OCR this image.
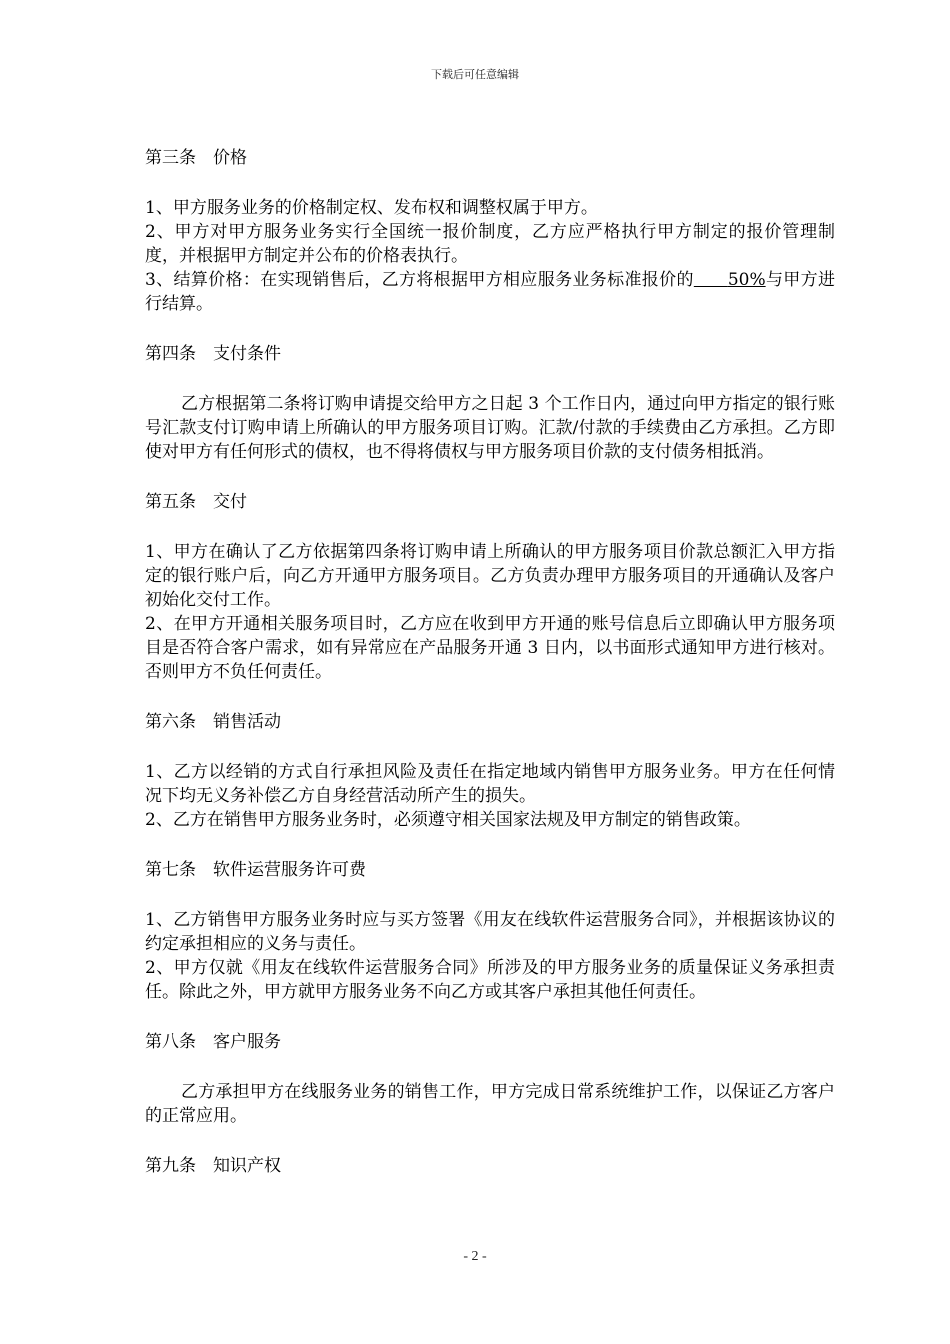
下载后可任意编辑

第三条 价格

1、甲方服务业务的价格制定权、发布权和调整权属于甲方。

2、甲方对甲方服务业务实行全国统一报价制度，乙方应严格执行甲方制定的报价管理制度，并根据甲方制定并公布的价格表执行。

3、结算价格：在实现销售后，乙方将根据甲方相应服务业务标准报价的   50%与甲方进行结算。

第四条 支付条件

乙方根据第二条将订购申请提交给甲方之日起 3 个工作日内，通过向甲方指定的银行账号汇款支付订购申请上所确认的甲方服务项目订购。汇款/付款的手续费由乙方承担。乙方即使对甲方有任何形式的债权，也不得将债权与甲方服务项目价款的支付债务相抵消。

第五条 交付

1、甲方在确认了乙方依据第四条将订购申请上所确认的甲方服务项目价款总额汇入甲方指定的银行账户后，向乙方开通甲方服务项目。乙方负责办理甲方服务项目的开通确认及客户初始化交付工作。

2、在甲方开通相关服务项目时，乙方应在收到甲方开通的账号信息后立即确认甲方服务项目是否符合客户需求，如有异常应在产品服务开通 3 日内，以书面形式通知甲方进行核对。否则甲方不负任何责任。

第六条 销售活动

1、乙方以经销的方式自行承担风险及责任在指定地域内销售甲方服务业务。甲方在任何情况下均无义务补偿乙方自身经营活动所产生的损失。

2、乙方在销售甲方服务业务时，必须遵守相关国家法规及甲方制定的销售政策。

第七条 软件运营服务许可费

1、乙方销售甲方服务业务时应与买方签署《用友在线软件运营服务合同》，并根据该协议的约定承担相应的义务与责任。

2、甲方仅就《用友在线软件运营服务合同》所涉及的甲方服务业务的质量保证义务承担责任。除此之外，甲方就甲方服务业务不向乙方或其客户承担其他任何责任。

第八条 客户服务

乙方承担甲方在线服务业务的销售工作，甲方完成日常系统维护工作，以保证乙方客户的正常应用。

第九条 知识产权

- 2 -
